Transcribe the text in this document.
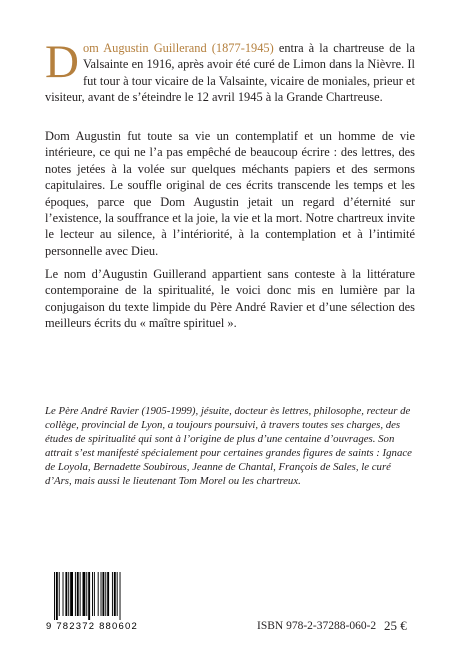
Dom Augustin Guillerand (1877-1945) entra à la chartreuse de la Valsainte en 1916, après avoir été curé de Limon dans la Nièvre. Il fut tour à tour vicaire de la Valsainte, vicaire de moniales, prieur et visiteur, avant de s’éteindre le 12 avril 1945 à la Grande Chartreuse.

Dom Augustin fut toute sa vie un contemplatif et un homme de vie intérieure, ce qui ne l’a pas empêché de beaucoup écrire : des lettres, des notes jetées à la volée sur quelques méchants papiers et des sermons capitulaires. Le souffle original de ces écrits transcende les temps et les époques, parce que Dom Augustin jetait un regard d’éternité sur l’existence, la souffrance et la joie, la vie et la mort. Notre chartreux invite le lecteur au silence, à l’intériorité, à la contemplation et à l’intimité personnelle avec Dieu.

Le nom d’Augustin Guillerand appartient sans conteste à la littérature contemporaine de la spiritualité, le voici donc mis en lumière par la conjugaison du texte limpide du Père André Ravier et d’une sélection des meilleurs écrits du « maître spirituel ».

Le Père André Ravier (1905-1999), jésuite, docteur ès lettres, philosophe, recteur de collège, provincial de Lyon, a toujours poursuivi, à travers toutes ses charges, des études de spiritualité qui sont à l’origine de plus d’une centaine d’ouvrages. Son attrait s’est manifesté spécialement pour certaines grandes figures de saints : Ignace de Loyola, Bernadette Soubirous, Jeanne de Chantal, François de Sales, le curé d’Ars, mais aussi le lieutenant Tom Morel ou les chartreux.

9 782372 880602	ISBN 978-2-37288-060-2 25 €
